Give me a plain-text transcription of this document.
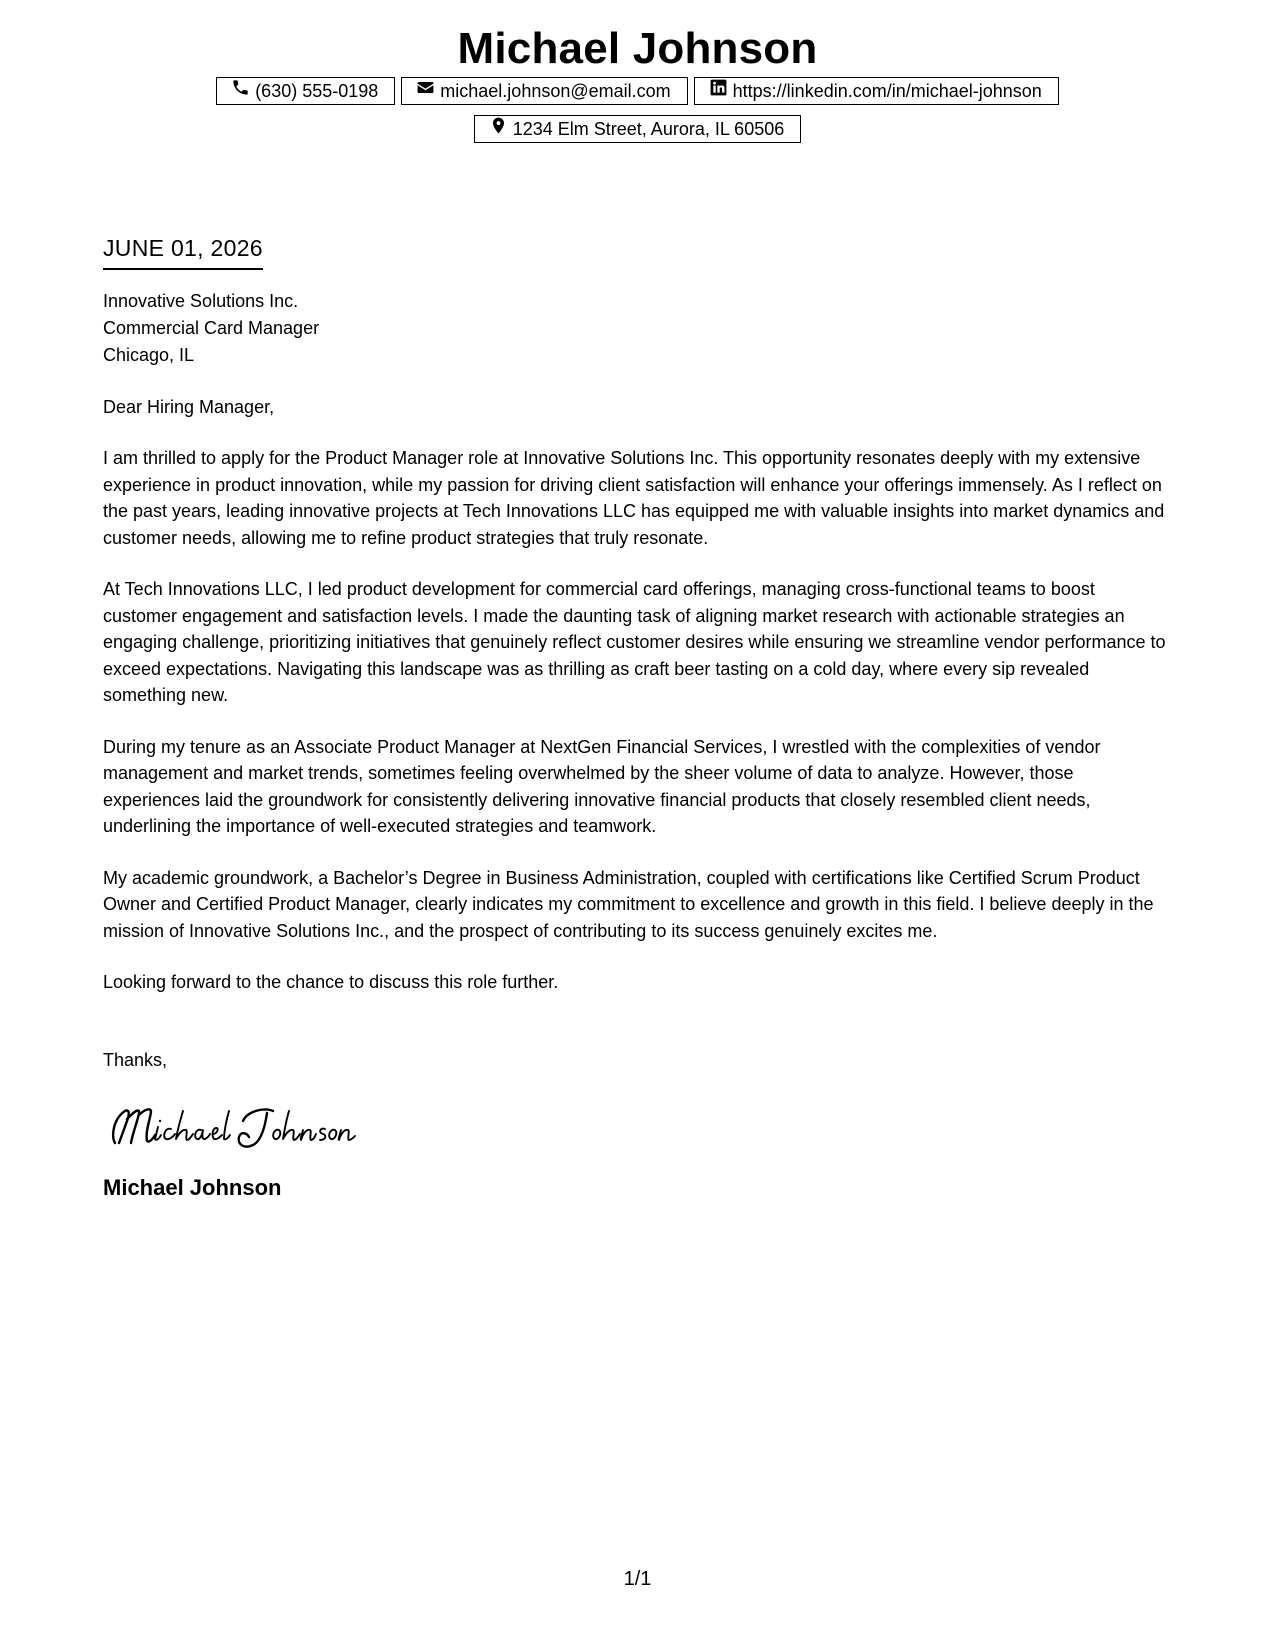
Michael Johnson
(630) 555-0198	michael.johnson@email.com	https://linkedin.com/in/michael-johnson
1234 Elm Street, Aurora, IL 60506
JUNE 01, 2026
Innovative Solutions Inc.
Commercial Card Manager
Chicago, IL
Dear Hiring Manager,
I am thrilled to apply for the Product Manager role at Innovative Solutions Inc. This opportunity resonates deeply with my extensive experience in product innovation, while my passion for driving client satisfaction will enhance your offerings immensely. As I reflect on the past years, leading innovative projects at Tech Innovations LLC has equipped me with valuable insights into market dynamics and customer needs, allowing me to refine product strategies that truly resonate.
At Tech Innovations LLC, I led product development for commercial card offerings, managing cross-functional teams to boost customer engagement and satisfaction levels. I made the daunting task of aligning market research with actionable strategies an engaging challenge, prioritizing initiatives that genuinely reflect customer desires while ensuring we streamline vendor performance to exceed expectations. Navigating this landscape was as thrilling as craft beer tasting on a cold day, where every sip revealed something new.
During my tenure as an Associate Product Manager at NextGen Financial Services, I wrestled with the complexities of vendor management and market trends, sometimes feeling overwhelmed by the sheer volume of data to analyze. However, those experiences laid the groundwork for consistently delivering innovative financial products that closely resembled client needs, underlining the importance of well-executed strategies and teamwork.
My academic groundwork, a Bachelor’s Degree in Business Administration, coupled with certifications like Certified Scrum Product Owner and Certified Product Manager, clearly indicates my commitment to excellence and growth in this field. I believe deeply in the mission of Innovative Solutions Inc., and the prospect of contributing to its success genuinely excites me.
Looking forward to the chance to discuss this role further.
Thanks,
Michael Johnson
1/1
